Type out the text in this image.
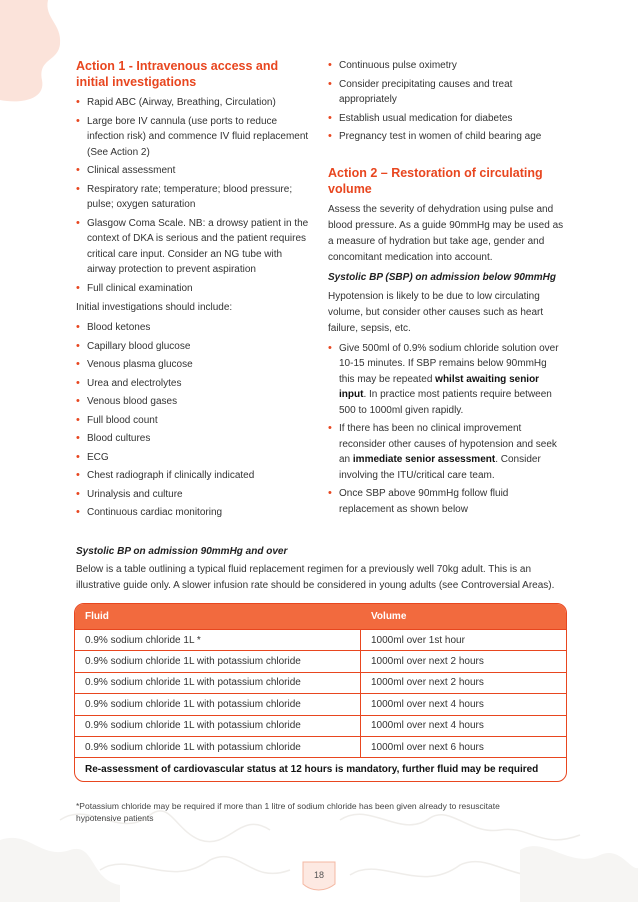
Action 1 - Intravenous access and initial investigations
• Rapid ABC (Airway, Breathing, Circulation)
• Large bore IV cannula (use ports to reduce infection risk) and commence IV fluid replacement (See Action 2)
• Clinical assessment
• Respiratory rate; temperature; blood pressure; pulse; oxygen saturation
• Glasgow Coma Scale. NB: a drowsy patient in the context of DKA is serious and the patient requires critical care input. Consider an NG tube with airway protection to prevent aspiration
• Full clinical examination

Initial investigations should include:

• Blood ketones
• Capillary blood glucose
• Venous plasma glucose
• Urea and electrolytes
• Venous blood gases
• Full blood count
• Blood cultures
• ECG
• Chest radiograph if clinically indicated
• Urinalysis and culture
• Continuous cardiac monitoring
• Continuous pulse oximetry
• Consider precipitating causes and treat appropriately
• Establish usual medication for diabetes
• Pregnancy test in women of child bearing age
Action 2 – Restoration of circulating volume

Assess the severity of dehydration using pulse and blood pressure. As a guide 90mmHg may be used as a measure of hydration but take age, gender and concomitant medication into account.

Systolic BP (SBP) on admission below 90mmHg

Hypotension is likely to be due to low circulating volume, but consider other causes such as heart failure, sepsis, etc.

• Give 500ml of 0.9% sodium chloride solution over 10-15 minutes. If SBP remains below 90mmHg this may be repeated whilst awaiting senior input. In practice most patients require between 500 to 1000ml given rapidly.
• If there has been no clinical improvement reconsider other causes of hypotension and seek an immediate senior assessment. Consider involving the ITU/critical care team.
• Once SBP above 90mmHg follow fluid replacement as shown below

Systolic BP on admission 90mmHg and over

Below is a table outlining a typical fluid replacement regimen for a previously well 70kg adult. This is an illustrative guide only. A slower infusion rate should be considered in young adults (see Controversial Areas).

Fluid	Volume
0.9% sodium chloride 1L *	1000ml over 1st hour
0.9% sodium chloride 1L with potassium chloride	1000ml over next 2 hours
0.9% sodium chloride 1L with potassium chloride	1000ml over next 2 hours
0.9% sodium chloride 1L with potassium chloride	1000ml over next 4 hours
0.9% sodium chloride 1L with potassium chloride	1000ml over next 4 hours
0.9% sodium chloride 1L with potassium chloride	1000ml over next 6 hours
Re-assessment of cardiovascular status at 12 hours is mandatory, further fluid may be required

*Potassium chloride may be required if more than 1 litre of sodium chloride has been given already to resuscitate hypotensive patients

18
